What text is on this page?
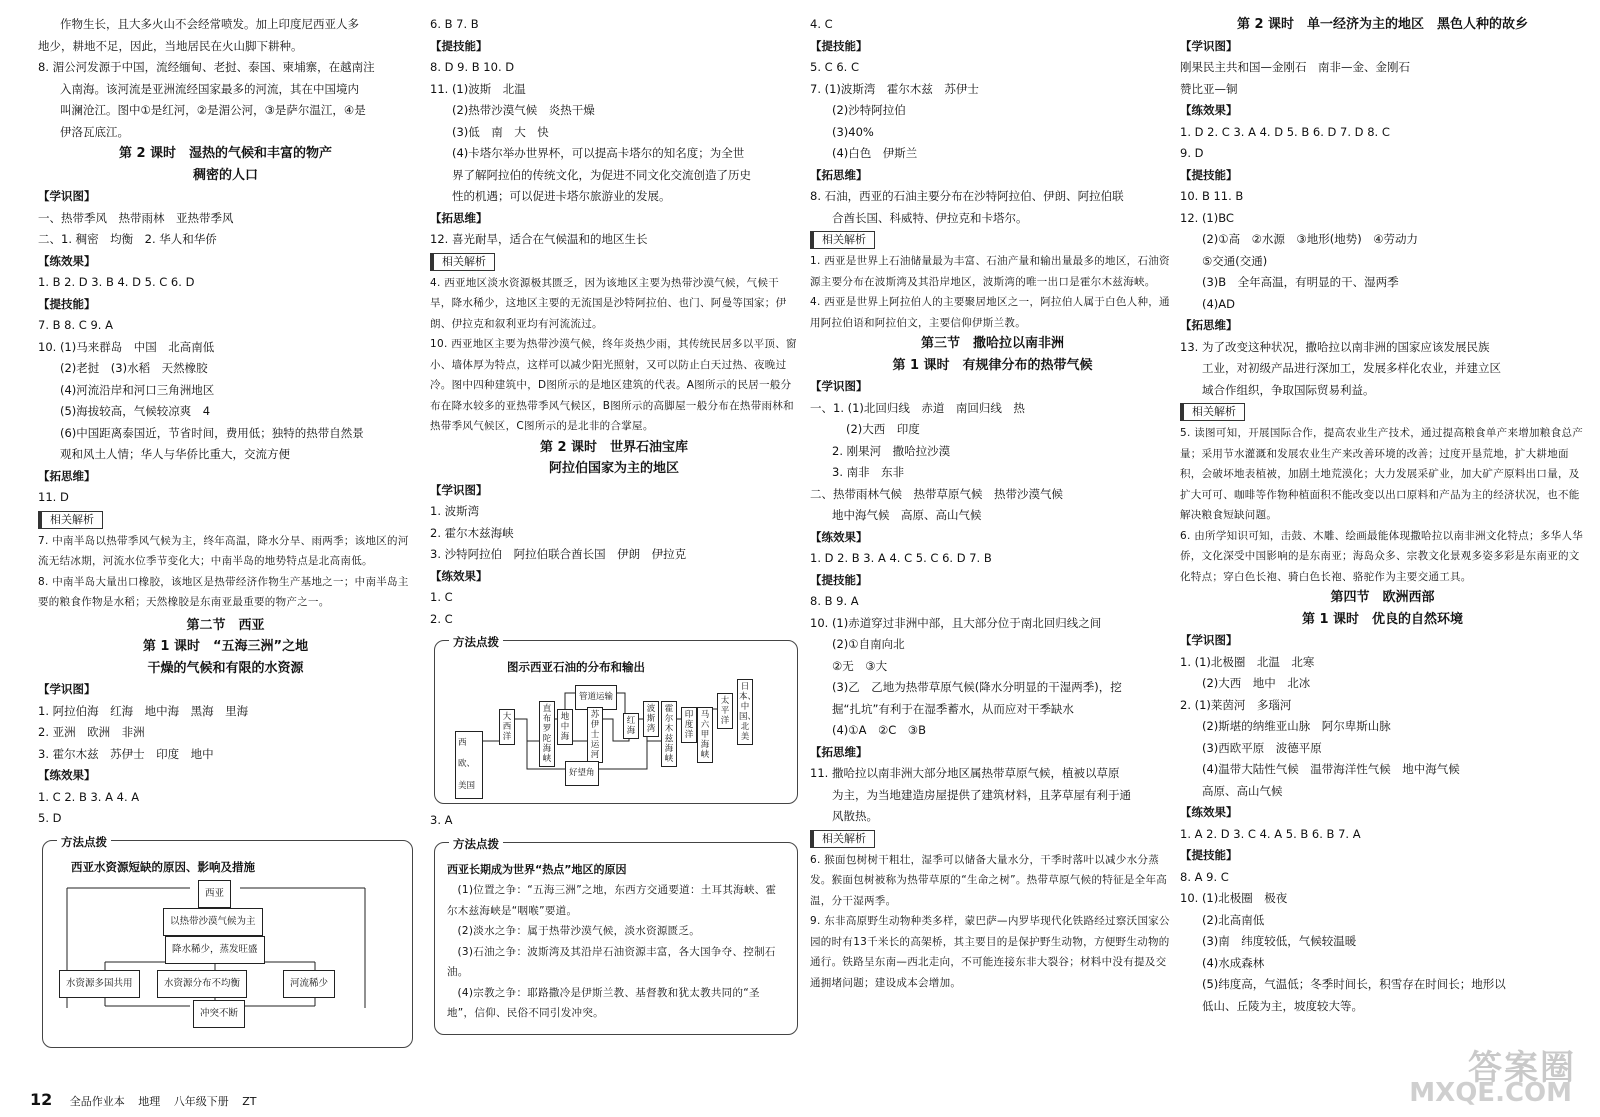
作物生长，且大多火山不会经常喷发。加上印度尼西亚人多
地少，耕地不足，因此，当地居民在火山脚下耕种。
8. 湄公河发源于中国，流经缅甸、老挝、泰国、柬埔寨，在越南注
入南海。该河流是亚洲流经国家最多的河流，其在中国境内
叫澜沧江。图中①是红河，②是湄公河，③是萨尔温江，④是
伊洛瓦底江。
第 2 课时　湿热的气候和丰富的物产
稠密的人口
【学识图】
一、热带季风　热带雨林　亚热带季风
二、1. 稠密　均衡　2. 华人和华侨
【练效果】
1. B 2. D 3. B 4. D 5. C 6. D
【提技能】
7. B 8. C 9. A
10. (1)马来群岛　中国　北高南低
(2)老挝　(3)水稻　天然橡胶
(4)河流沿岸和河口三角洲地区
(5)海拔较高，气候较凉爽　4
(6)中国距离泰国近，节省时间，费用低；独特的热带自然景
观和风土人情；华人与华侨比重大，交流方便
【拓思维】
11. D
相关解析
7. 中南半岛以热带季风气候为主，终年高温，降水分旱、雨两季；该地区的河流无结冰期，河流水位季节变化大；中南半岛的地势特点是北高南低。
8. 中南半岛大量出口橡胶，该地区是热带经济作物生产基地之一；中南半岛主要的粮食作物是水稻；天然橡胶是东南亚最重要的物产之一。
第二节　西亚
第 1 课时　“五海三洲”之地
干燥的气候和有限的水资源
【学识图】
1. 阿拉伯海　红海　地中海　黑海　里海
2. 亚洲　欧洲　非洲
3. 霍尔木兹　苏伊士　印度　地中
【练效果】
1. C 2. B 3. A 4. A
5. D
方法点拨
西亚水资源短缺的原因、影响及措施
西亚
以热带沙漠气候为主
降水稀少，蒸发旺盛
水资源多国共用	水资源分布不均衡	河流稀少
冲突不断
6. B 7. B
【提技能】
8. D 9. B 10. D
11. (1)波斯　北温
(2)热带沙漠气候　炎热干燥
(3)低　南　大　快
(4)卡塔尔举办世界杯，可以提高卡塔尔的知名度；为全世
界了解阿拉伯的传统文化，为促进不同文化交流创造了历史
性的机遇；可以促进卡塔尔旅游业的发展。
【拓思维】
12. 喜光耐旱，适合在气候温和的地区生长
相关解析
4. 西亚地区淡水资源极其匮乏，因为该地区主要为热带沙漠气候，气候干旱，降水稀少，这地区主要的无流国是沙特阿拉伯、也门、阿曼等国家；伊朗、伊拉克和叙利亚均有河流流过。
10. 西亚地区主要为热带沙漠气候，终年炎热少雨，其传统民居多以平顶、窗小、墙体厚为特点，这样可以减少阳光照射，又可以防止白天过热、夜晚过冷。图中四种建筑中，D图所示的是地区建筑的代表。A图所示的民居一般分布在降水较多的亚热带季风气候区，B图所示的高脚屋一般分布在热带雨林和热带季风气候区，C图所示的是北非的合掌屋。
第 2 课时　世界石油宝库
阿拉伯国家为主的地区
【学识图】
1. 波斯湾
2. 霍尔木兹海峡
3. 沙特阿拉伯　阿拉伯联合酋长国　伊朗　伊拉克
【练效果】
1. C
2. C
方法点拨
图示西亚石油的分布和输出
西欧、美国
大西洋
直布罗陀海峡
地中海
管道运输
苏伊士运河
红海
波斯湾
霍尔木兹海峡
印度洋
马六甲海峡
太平洋
日本、中国、北美
好望角
3. A
方法点拨
西亚长期成为世界“热点”地区的原因
(1)位置之争：“五海三洲”之地，东西方交通要道：土耳其海峡、霍尔木兹海峡是“咽喉”要道。
(2)淡水之争：属于热带沙漠气候，淡水资源匮乏。
(3)石油之争：波斯湾及其沿岸石油资源丰富，各大国争夺、控制石油。
(4)宗教之争：耶路撒冷是伊斯兰教、基督教和犹太教共同的“圣地”，信仰、民俗不同引发冲突。
4. C
【提技能】
5. C 6. C
7. (1)波斯湾　霍尔木兹　苏伊士
(2)沙特阿拉伯
(3)40%
(4)白色　伊斯兰
【拓思维】
8. 石油，西亚的石油主要分布在沙特阿拉伯、伊朗、阿拉伯联
合酋长国、科威特、伊拉克和卡塔尔。
相关解析
1. 西亚是世界上石油储量最为丰富、石油产量和输出量最多的地区，石油资源主要分布在波斯湾及其沿岸地区，波斯湾的唯一出口是霍尔木兹海峡。
4. 西亚是世界上阿拉伯人的主要聚居地区之一，阿拉伯人属于白色人种，通用阿拉伯语和阿拉伯文，主要信仰伊斯兰教。
第三节　撒哈拉以南非洲
第 1 课时　有规律分布的热带气候
【学识图】
一、1. (1)北回归线　赤道　南回归线　热
(2)大西　印度
2. 刚果河　撒哈拉沙漠
3. 南非　东非
二、热带雨林气候　热带草原气候　热带沙漠气候
地中海气候　高原、高山气候
【练效果】
1. D 2. B 3. A 4. C 5. C 6. D 7. B
【提技能】
8. B 9. A
10. (1)赤道穿过非洲中部，且大部分位于南北回归线之间
(2)①自南向北
②无　③大
(3)乙　乙地为热带草原气候(降水分明显的干湿两季)，挖
掘“扎坑”有利于在湿季蓄水，从而应对干季缺水
(4)①A　②C　③B
【拓思维】
11. 撒哈拉以南非洲大部分地区属热带草原气候，植被以草原
为主，为当地建造房屋提供了建筑材料，且茅草屋有利于通
风散热。
相关解析
6. 猴面包树树干粗壮，湿季可以储备大量水分，干季时落叶以减少水分蒸发。猴面包树被称为热带草原的“生命之树”。热带草原气候的特征是全年高温，分干湿两季。
9. 东非高原野生动物种类多样，蒙巴萨—内罗毕现代化铁路经过察沃国家公园的时有13千米长的高架桥，其主要目的是保护野生动物，方便野生动物的通行。铁路呈东南—西北走向，不可能连接东非大裂谷；材料中没有提及交通拥堵问题；建设成本会增加。
第 2 课时　单一经济为主的地区　黑色人种的故乡
【学识图】
刚果民主共和国—金刚石　南非—金、金刚石
赞比亚—铜
【练效果】
1. D 2. C 3. A 4. D 5. B 6. D 7. D 8. C
9. D
【提技能】
10. B 11. B
12. (1)BC
(2)①高　②水源　③地形(地势)　④劳动力
⑤交通(交通)
(3)B　全年高温，有明显的干、湿两季
(4)AD
【拓思维】
13. 为了改变这种状况，撒哈拉以南非洲的国家应该发展民族
工业，对初级产品进行深加工，发展多样化农业，并建立区
域合作组织，争取国际贸易利益。
相关解析
5. 读图可知，开展国际合作，提高农业生产技术，通过提高粮食单产来增加粮食总产量；采用节水灌溉和发展农业生产来改善环境的改善；过度开垦荒地，扩大耕地面积，会破坏地表植被，加剧土地荒漠化；大力发展采矿业，加大矿产原料出口量，及扩大可可、咖啡等作物种植面积不能改变以出口原料和产品为主的经济状况，也不能解决粮食短缺问题。
6. 由所学知识可知，击鼓、木雕、绘画最能体现撒哈拉以南非洲文化特点；多华人华侨，文化深受中国影响的是东南亚；海岛众多、宗教文化景观多姿多彩是东南亚的文化特点；穿白色长袍、骑白色长袍、骆驼作为主要交通工具。
第四节　欧洲西部
第 1 课时　优良的自然环境
【学识图】
1. (1)北极圈　北温　北寒
(2)大西　地中　北冰
2. (1)莱茵河　多瑙河
(2)斯堪的纳维亚山脉　阿尔卑斯山脉
(3)西欧平原　波德平原
(4)温带大陆性气候　温带海洋性气候　地中海气候
高原、高山气候
【练效果】
1. A 2. D 3. C 4. A 5. B 6. B 7. A
【提技能】
8. A 9. C
10. (1)北极圈　极夜
(2)北高南低
(3)南　纬度较低，气候较温暖
(4)水成森林
(5)纬度高，气温低；冬季时间长，积雪存在时间长；地形以
低山、丘陵为主，坡度较大等。
12 全品作业本 地理 八年级下册 ZT
答案圈
MXQE.COM
